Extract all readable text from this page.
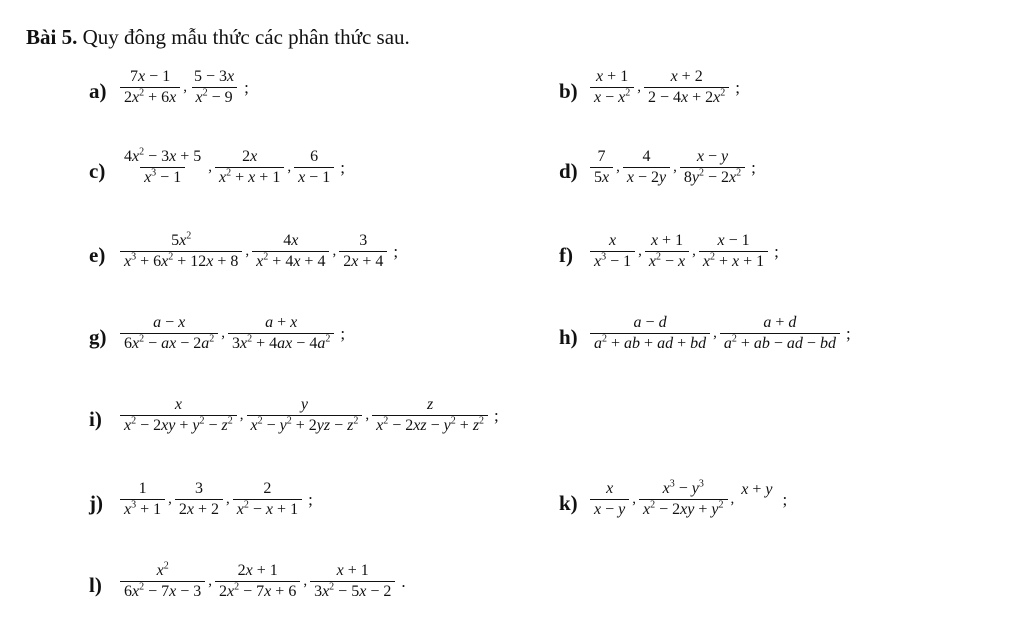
Bài 5. Quy đông mẫu thức các phân thức sau.
$a) \frac{7x - 1}{2x^2 + 6x}$ , $\frac{5 - 3x}{x^2 - 9}$ ;	$b) \frac{x + 1}{x - x^2}$ , $\frac{x + 2}{2 - 4x + 2x^2}$ ;
$c) \frac{4x^2 - 3x + 5}{x^3 - 1}$ , $\frac{2x}{x^2 + x + 1}$ , $\frac{6}{x - 1}$ ;	$d) \frac{7}{5x}$ , $\frac{4}{x - 2y}$ , $\frac{x - y}{8y^2 - 2x^2}$ ;
$e) \frac{5x^2}{x^3 + 6x^2 + 12x + 8}$ , $\frac{4x}{x^2 + 4x + 4}$ , $\frac{3}{2x + 4}$ ;	$f) \frac{x}{x^3 - 1}$ , $\frac{x + 1}{x^2 - x}$ , $\frac{x - 1}{x^2 + x + 1}$ ;
$g) \frac{a - x}{6x^2 - ax - 2a^2}$ , $\frac{a + x}{3x^2 + 4ax - 4a^2}$ ;	$h) \frac{a - d}{a^2 + ab + ad + bd}$ , $\frac{a + d}{a^2 + ab - ad - bd}$ ;
$i) \frac{x}{x^2 - 2xy + y^2 - z^2}$ , $\frac{y}{x^2 - y^2 + 2yz - z^2}$ , $\frac{z}{x^2 - 2xz - y^2 + z^2}$ ;
$j) \frac{1}{x^3 + 1}$ , $\frac{3}{2x + 2}$ , $\frac{2}{x^2 - x + 1}$ ;	$k) \frac{x}{x - y}$ , $\frac{x^3 - y^3}{x^2 - 2xy + y^2}$ ,
x + y

;
$l) \frac{x^2}{6x^2 - 7x - 3}$ , $\frac{2x + 1}{2x^2 - 7x + 6}$ , $\frac{x + 1}{3x^2 - 5x - 2}$ .
